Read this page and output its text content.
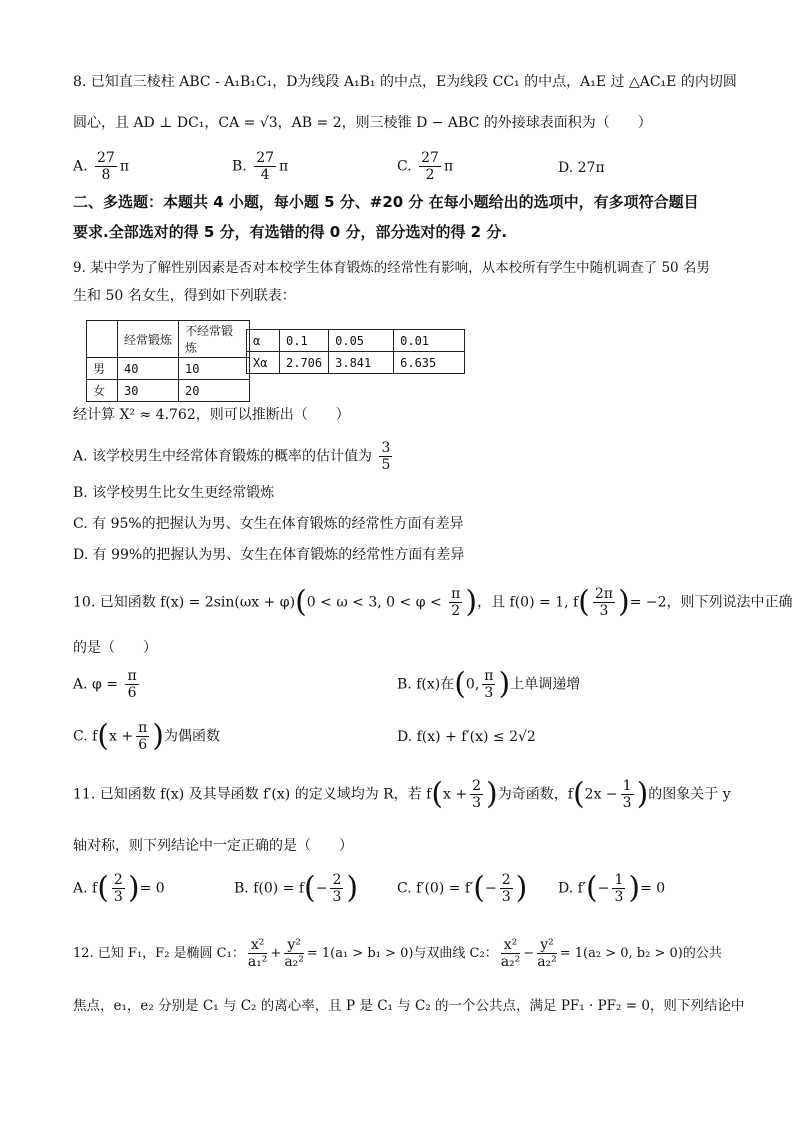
8. 已知直三棱柱 ABC - A₁B₁C₁，D为线段 A₁B₁ 的中点，E为线段 CC₁ 的中点，A₁E 过 △AC₁E 的内切圆
圆心，且 AD ⊥ DC₁，CA = √3，AB = 2，则三棱锥 D − ABC 的外接球表面积为（　　）
A. $\frac{27}{8}$ π	B. $\frac{27}{4}$ π	C. $\frac{27}{2}$ π	D. 27π
二、多选题：本题共 4 小题，每小题 5 分、#20 分 在每小题给出的选项中，有多项符合题目
要求.全部选对的得 5 分，有选错的得 0 分，部分选对的得 2 分.
9. 某中学为了解性别因素是否对本校学生体育锻炼的经常性有影响，从本校所有学生中随机调查了 50 名男
生和 50 名女生，得到如下列联表：
	经常锻炼	不经常锻炼
男	40	10
女	30	20
α	0.1	0.05	0.01
Xα	2.706	3.841	6.635
经计算 X² ≈ 4.762，则可以推断出（　　）
A. 该学校男生中经常体育锻炼的概率的估计值为 $\frac{3}{5}$
B. 该学校男生比女生更经常锻炼
C. 有 95%的把握认为男、女生在体育锻炼的经常性方面有差异
D. 有 99%的把握认为男、女生在体育锻炼的经常性方面有差异
10. 已知函数 f(x) = 2sin(ωx + φ)(0 < ω < 3, $0 < \varphi < \frac{\pi}{2}$ )，且 f(0) = 1, $f( \frac{2\pi}{3}$ )= −2，则下列说法中正确
的是（　　）
A. $\varphi = \frac{\pi}{6}$	B. f(x)在(0, $\frac{\pi}{3}$ )上单调递增
C. $f(x + \frac{\pi}{6}$ )为偶函数	D. f(x) + f′(x) ≤ 2√2
11. 已知函数 f(x) 及其导函数 f′(x) 的定义域均为 R，若 $f(x + \frac{2}{3}$ )为奇函数，$f(2x - \frac{1}{3}$ )的图象关于 y
轴对称，则下列结论中一定正确的是（　　）
A. $f( \frac{2}{3}$ )= 0	B. $f(0) = f(- \frac{2}{3}$ )	C. $f'(0) = f'(- \frac{2}{3}$ ) D. $f'(- \frac{1}{3}$ )= 0
12. 已知 F₁，F₂ 是椭圆 C₁： $\frac{\text{x²}}{\text{a₁²}} + \frac{\text{y²}}{\text{a₂²}} = 1(a_1 > b_1 > 0)$与双曲线 C₂： $\frac{\text{x²}}{\text{a₂²}} - \frac{\text{y²}}{\text{a₂²}} = 1(a_2 > 0$, b₂ > 0)的公共
焦点，e₁，e₂ 分别是 C₁ 与 C₂ 的离心率，且 P 是 C₁ 与 C₂ 的一个公共点，满足 PF₁ · PF₂ = 0，则下列结论中
